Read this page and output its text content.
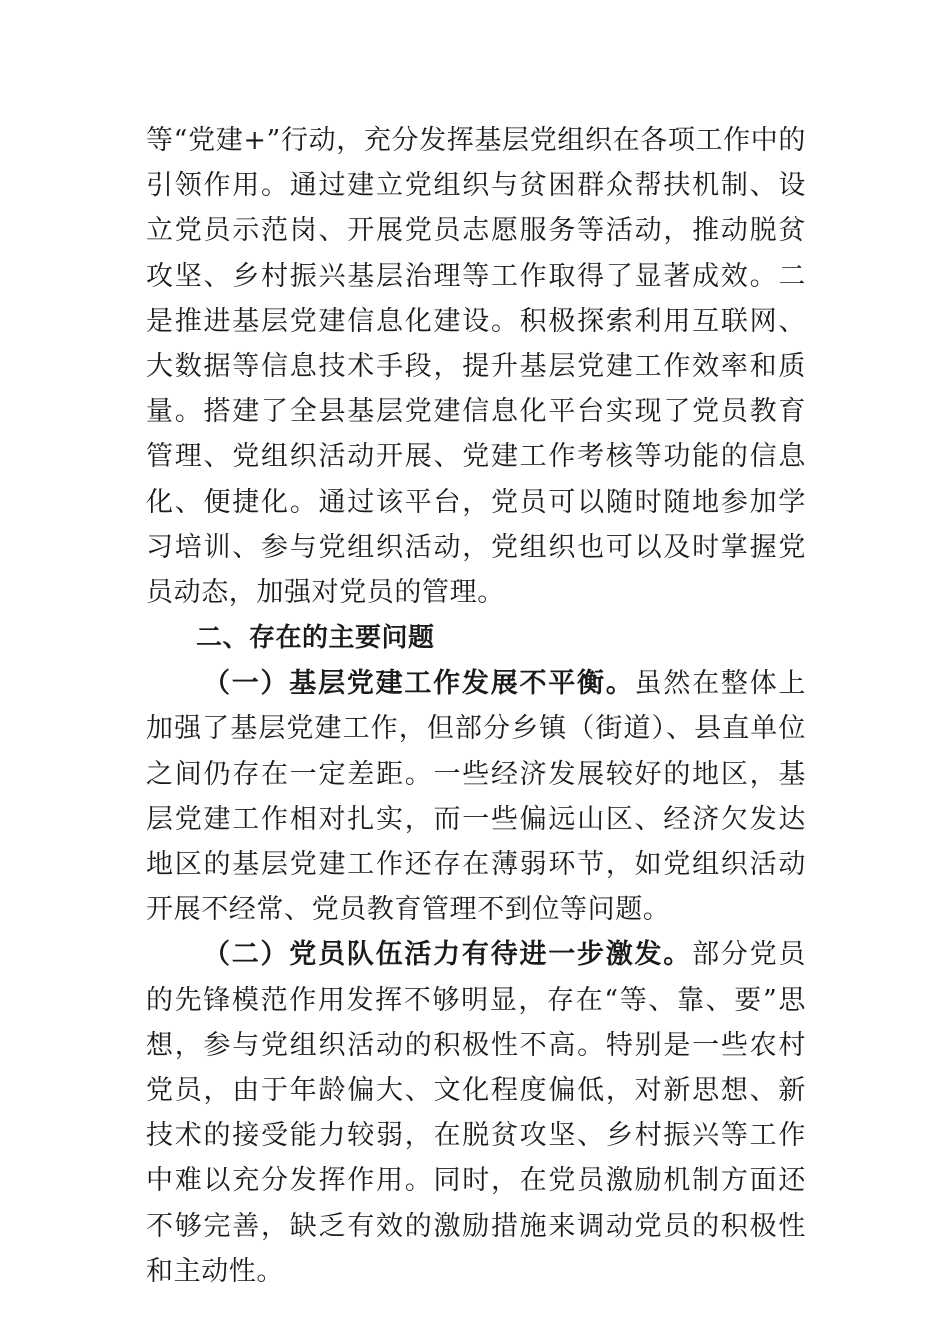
等“党建+”行动，充分发挥基层党组织在各项工作中的引领作用。通过建立党组织与贫困群众帮扶机制、设立党员示范岗、开展党员志愿服务等活动，推动脱贫攻坚、乡村振兴基层治理等工作取得了显著成效。二是推进基层党建信息化建设。积极探索利用互联网、大数据等信息技术手段，提升基层党建工作效率和质量。搭建了全县基层党建信息化平台实现了党员教育管理、党组织活动开展、党建工作考核等功能的信息化、便捷化。通过该平台，党员可以随时随地参加学习培训、参与党组织活动，党组织也可以及时掌握党员动态，加强对党员的管理。

二、存在的主要问题

（一）基层党建工作发展不平衡。虽然在整体上加强了基层党建工作，但部分乡镇（街道）、县直单位之间仍存在一定差距。一些经济发展较好的地区，基层党建工作相对扎实，而一些偏远山区、经济欠发达地区的基层党建工作还存在薄弱环节，如党组织活动开展不经常、党员教育管理不到位等问题。

（二）党员队伍活力有待进一步激发。部分党员的先锋模范作用发挥不够明显，存在“等、靠、要”思想，参与党组织活动的积极性不高。特别是一些农村党员，由于年龄偏大、文化程度偏低，对新思想、新技术的接受能力较弱，在脱贫攻坚、乡村振兴等工作中难以充分发挥作用。同时，在党员激励机制方面还不够完善，缺乏有效的激励措施来调动党员的积极性和主动性。
